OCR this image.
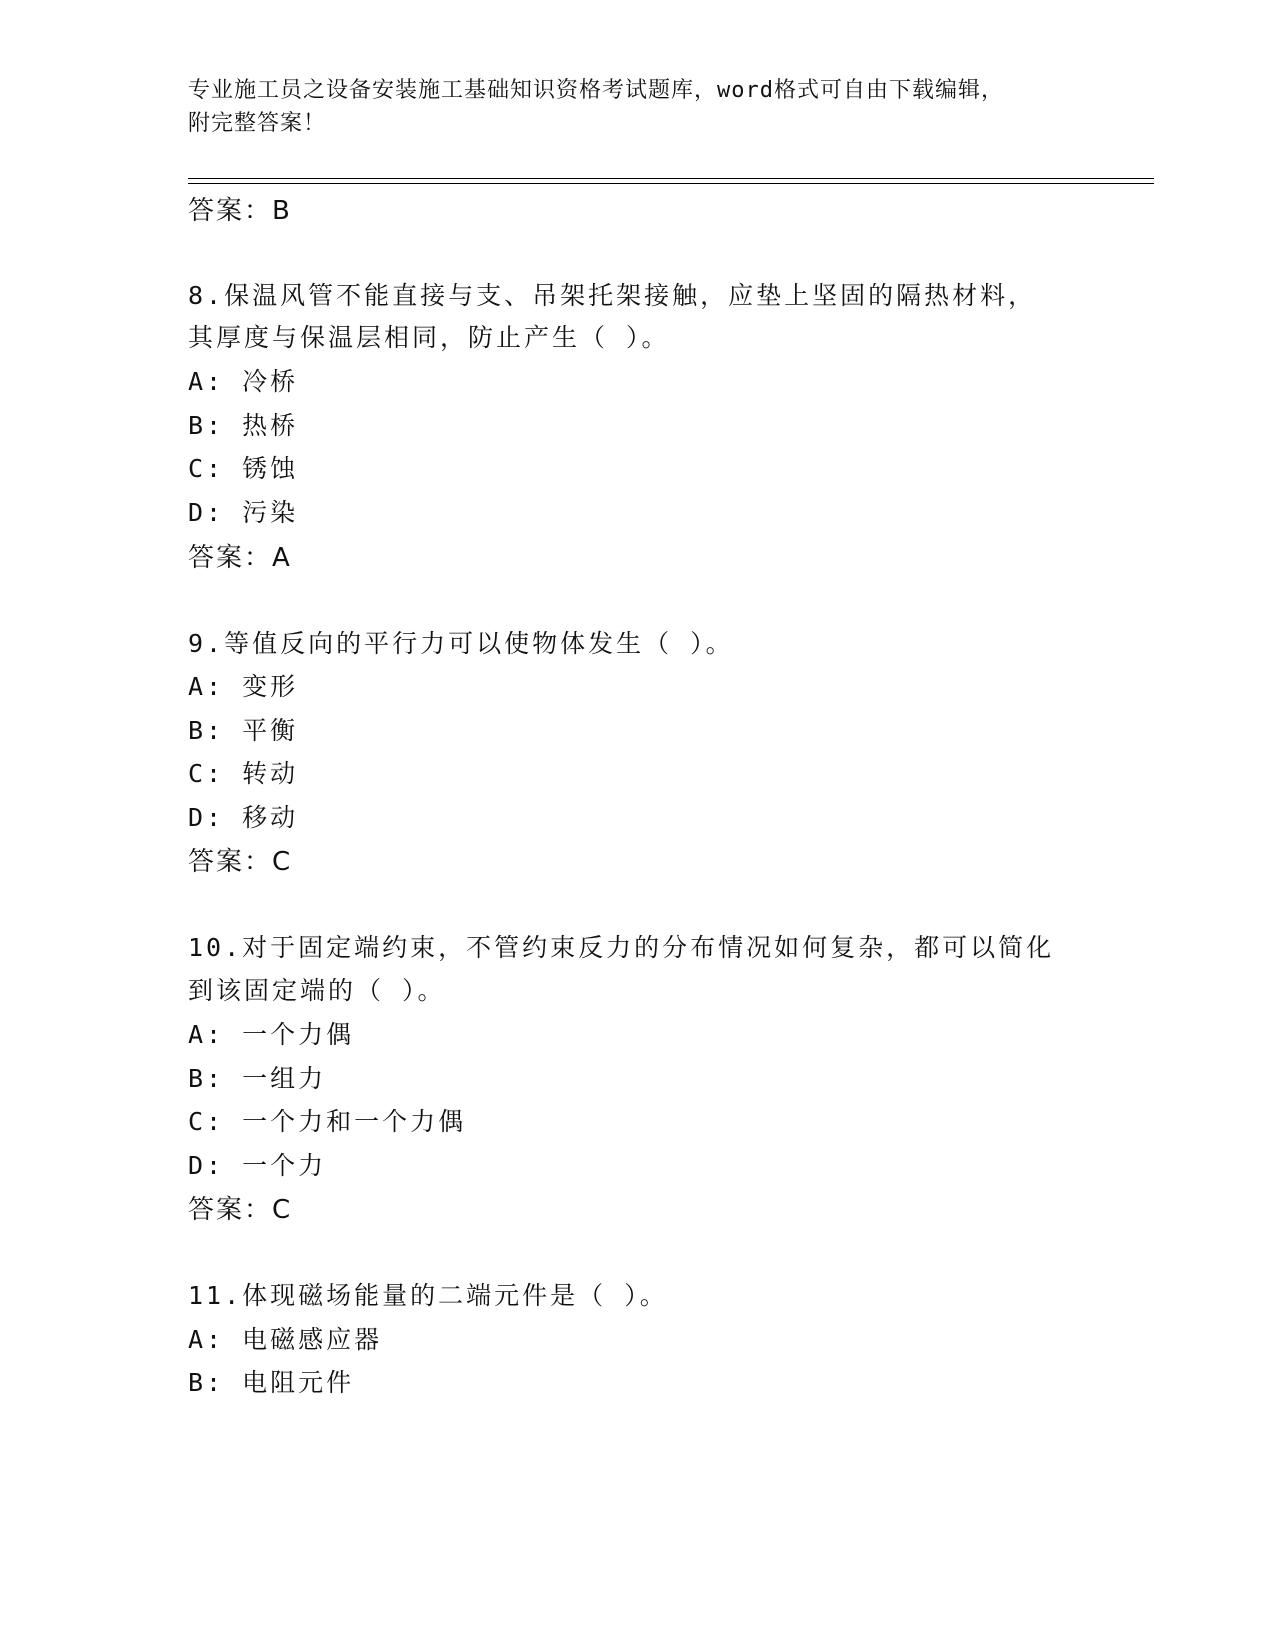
专业施工员之设备安装施工基础知识资格考试题库，word格式可自由下载编辑，
附完整答案！
答案：B
8.保温风管不能直接与支、吊架托架接触，应垫上坚固的隔热材料，
其厚度与保温层相同，防止产生（ ）。
A: 冷桥
B: 热桥
C: 锈蚀
D: 污染
答案：A
9.等值反向的平行力可以使物体发生（ ）。
A: 变形
B: 平衡
C: 转动
D: 移动
答案：C
10.对于固定端约束，不管约束反力的分布情况如何复杂，都可以简化
到该固定端的（ ）。
A: 一个力偶
B: 一组力
C: 一个力和一个力偶
D: 一个力
答案：C
11.体现磁场能量的二端元件是（ ）。
A: 电磁感应器
B: 电阻元件
